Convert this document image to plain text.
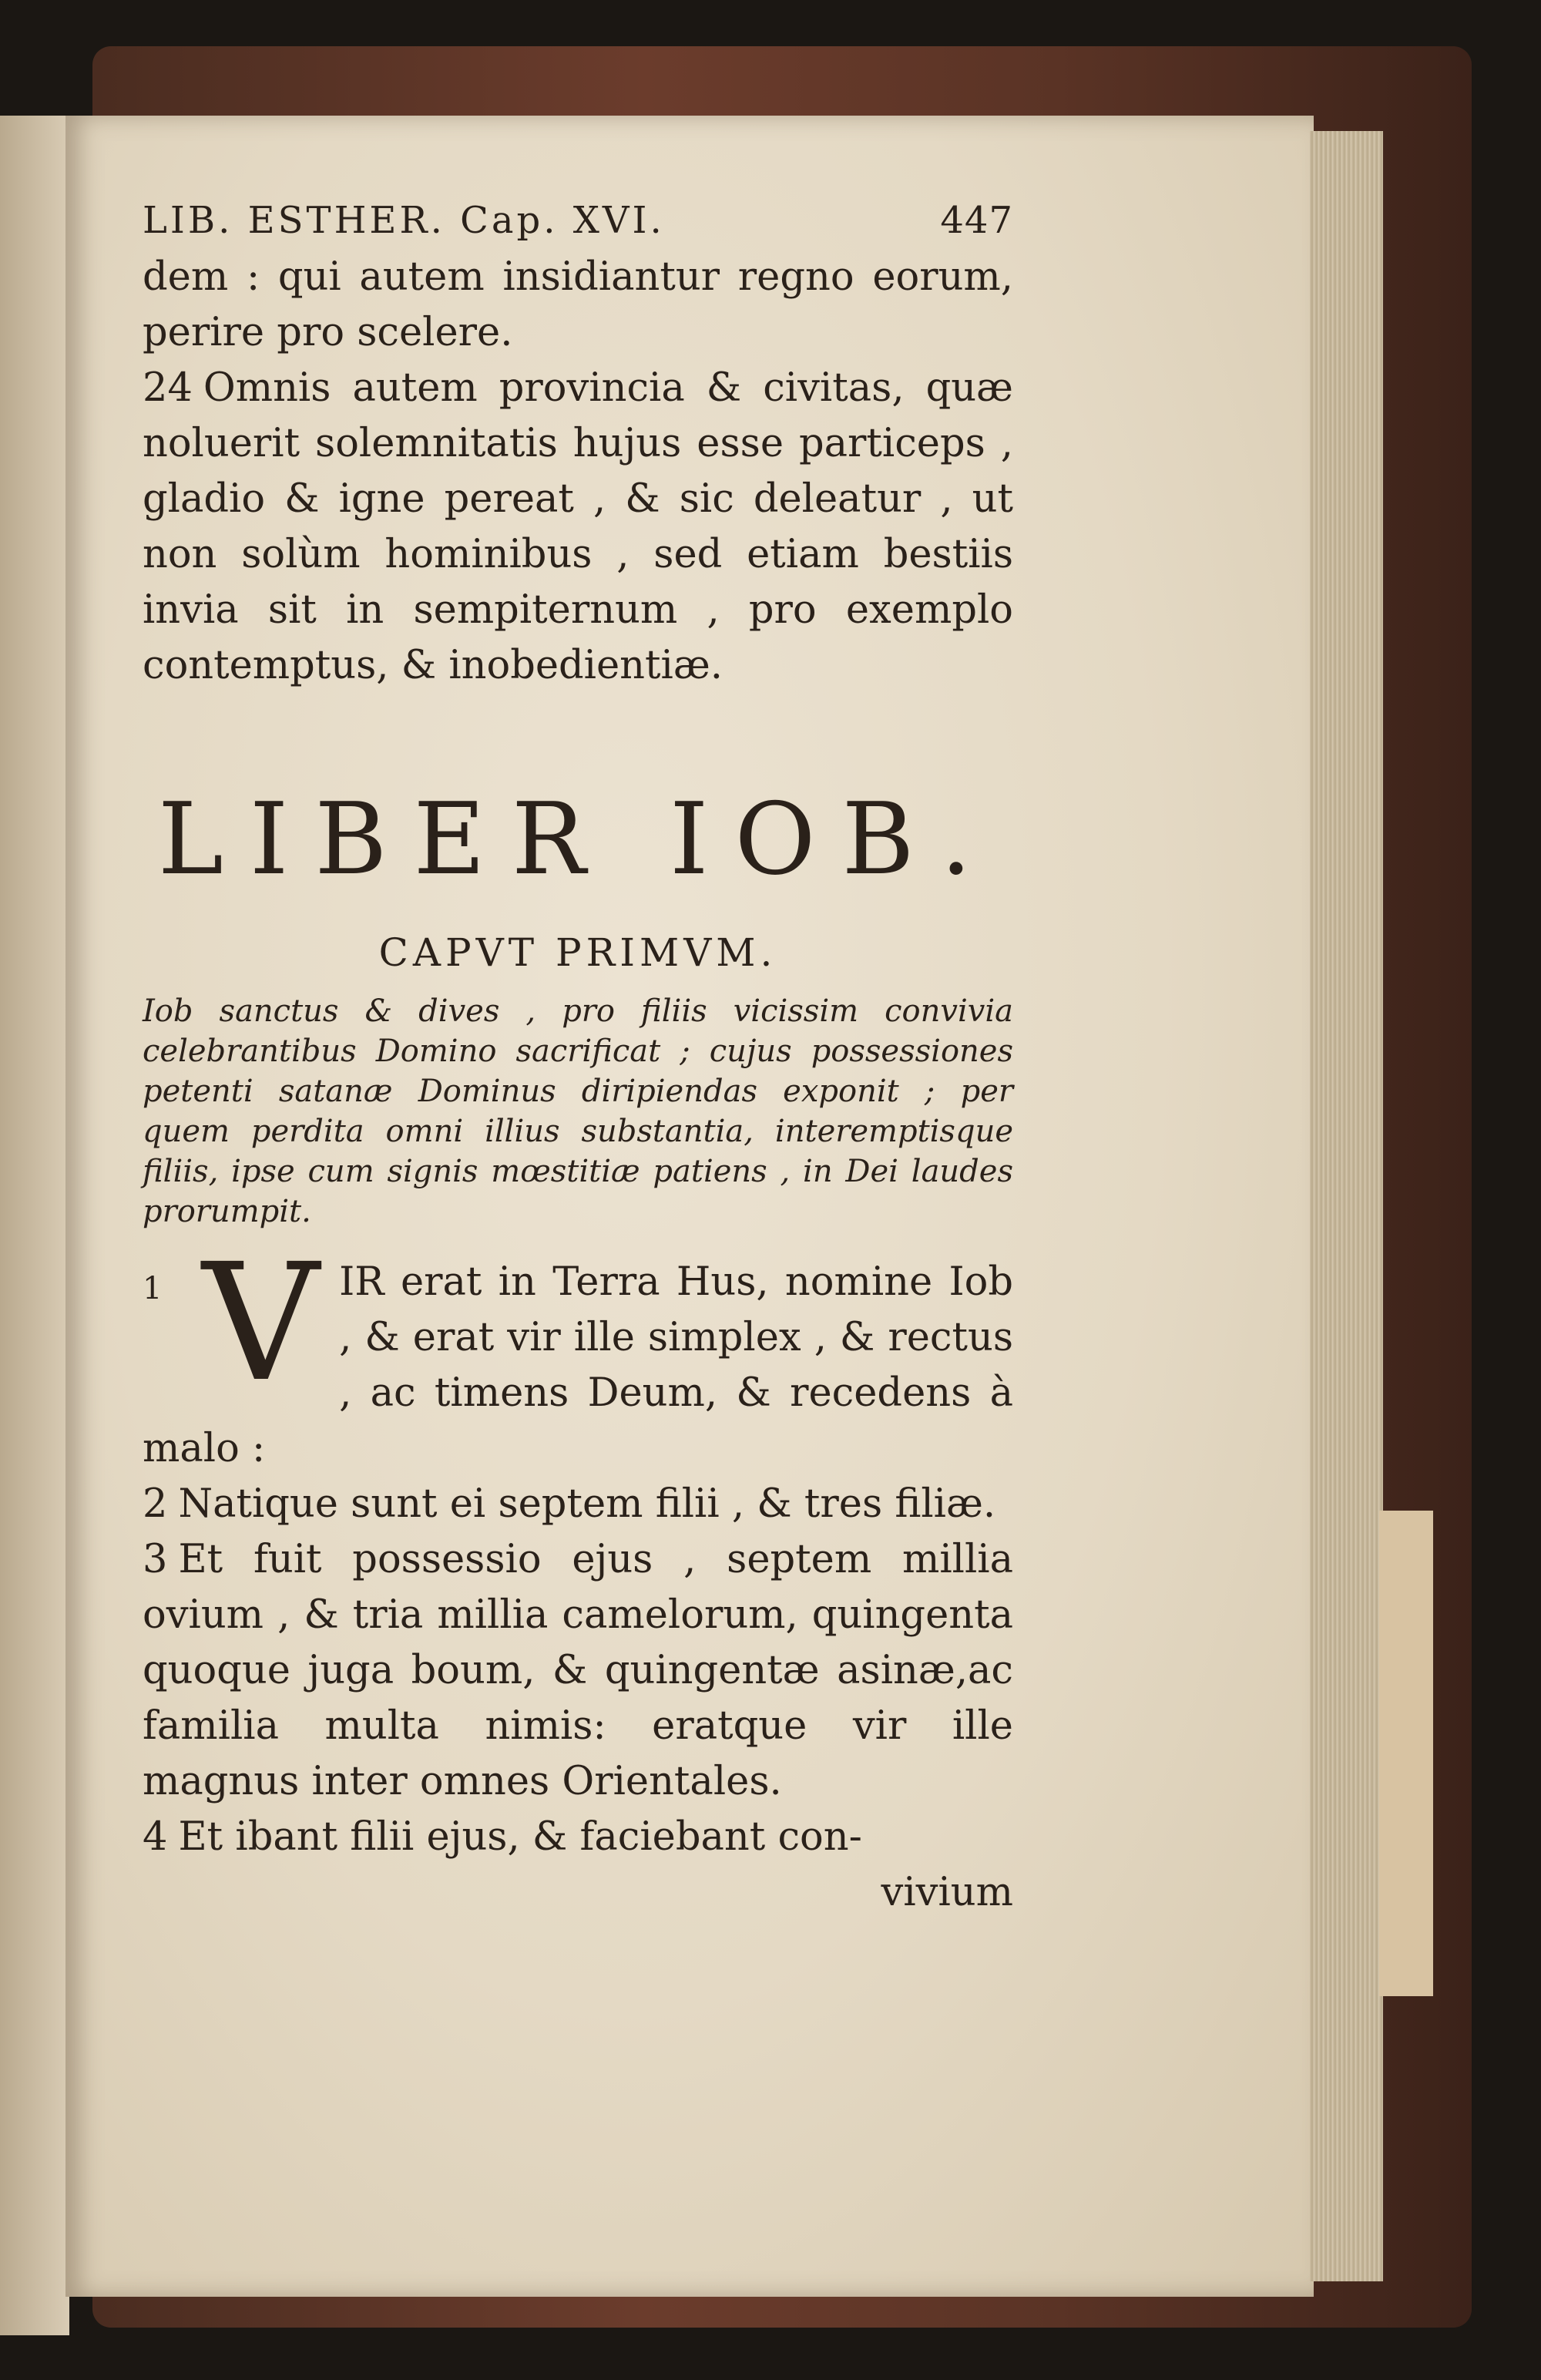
LIB. ESTHER. Cap. XVI.	447

dem : qui autem insidiantur regno eorum, perire pro scelere.

24 Omnis autem provincia & civitas, quæ noluerit solemnitatis hujus esse particeps , gladio & igne pereat , & sic deleatur , ut non solùm hominibus , sed etiam bestiis invia sit in sempiternum , pro exemplo contemptus, & inobedientiæ.

LIBER IOB.
CAPVT PRIMVM.

Iob sanctus & dives , pro filiis vicissim convivia celebrantibus Domino sacrificat ; cujus possessiones petenti satanæ Dominus diripiendas exponit ; per quem perdita omni illius substantia, interemptisque filiis, ipse cum signis mœstitiæ patiens , in Dei laudes prorumpit.

1 V IR erat in Terra Hus, nomine Iob , & erat vir ille simplex , & rectus , ac timens Deum, & recedens à malo :

2 Natique sunt ei septem filii , & tres filiæ.

3 Et fuit possessio ejus , septem millia ovium , & tria millia camelorum, quingenta quoque juga boum, & quingentæ asinæ,ac familia multa nimis: eratque vir ille magnus inter omnes Orientales.

4 Et ibant filii ejus, & faciebant con-

vivium
